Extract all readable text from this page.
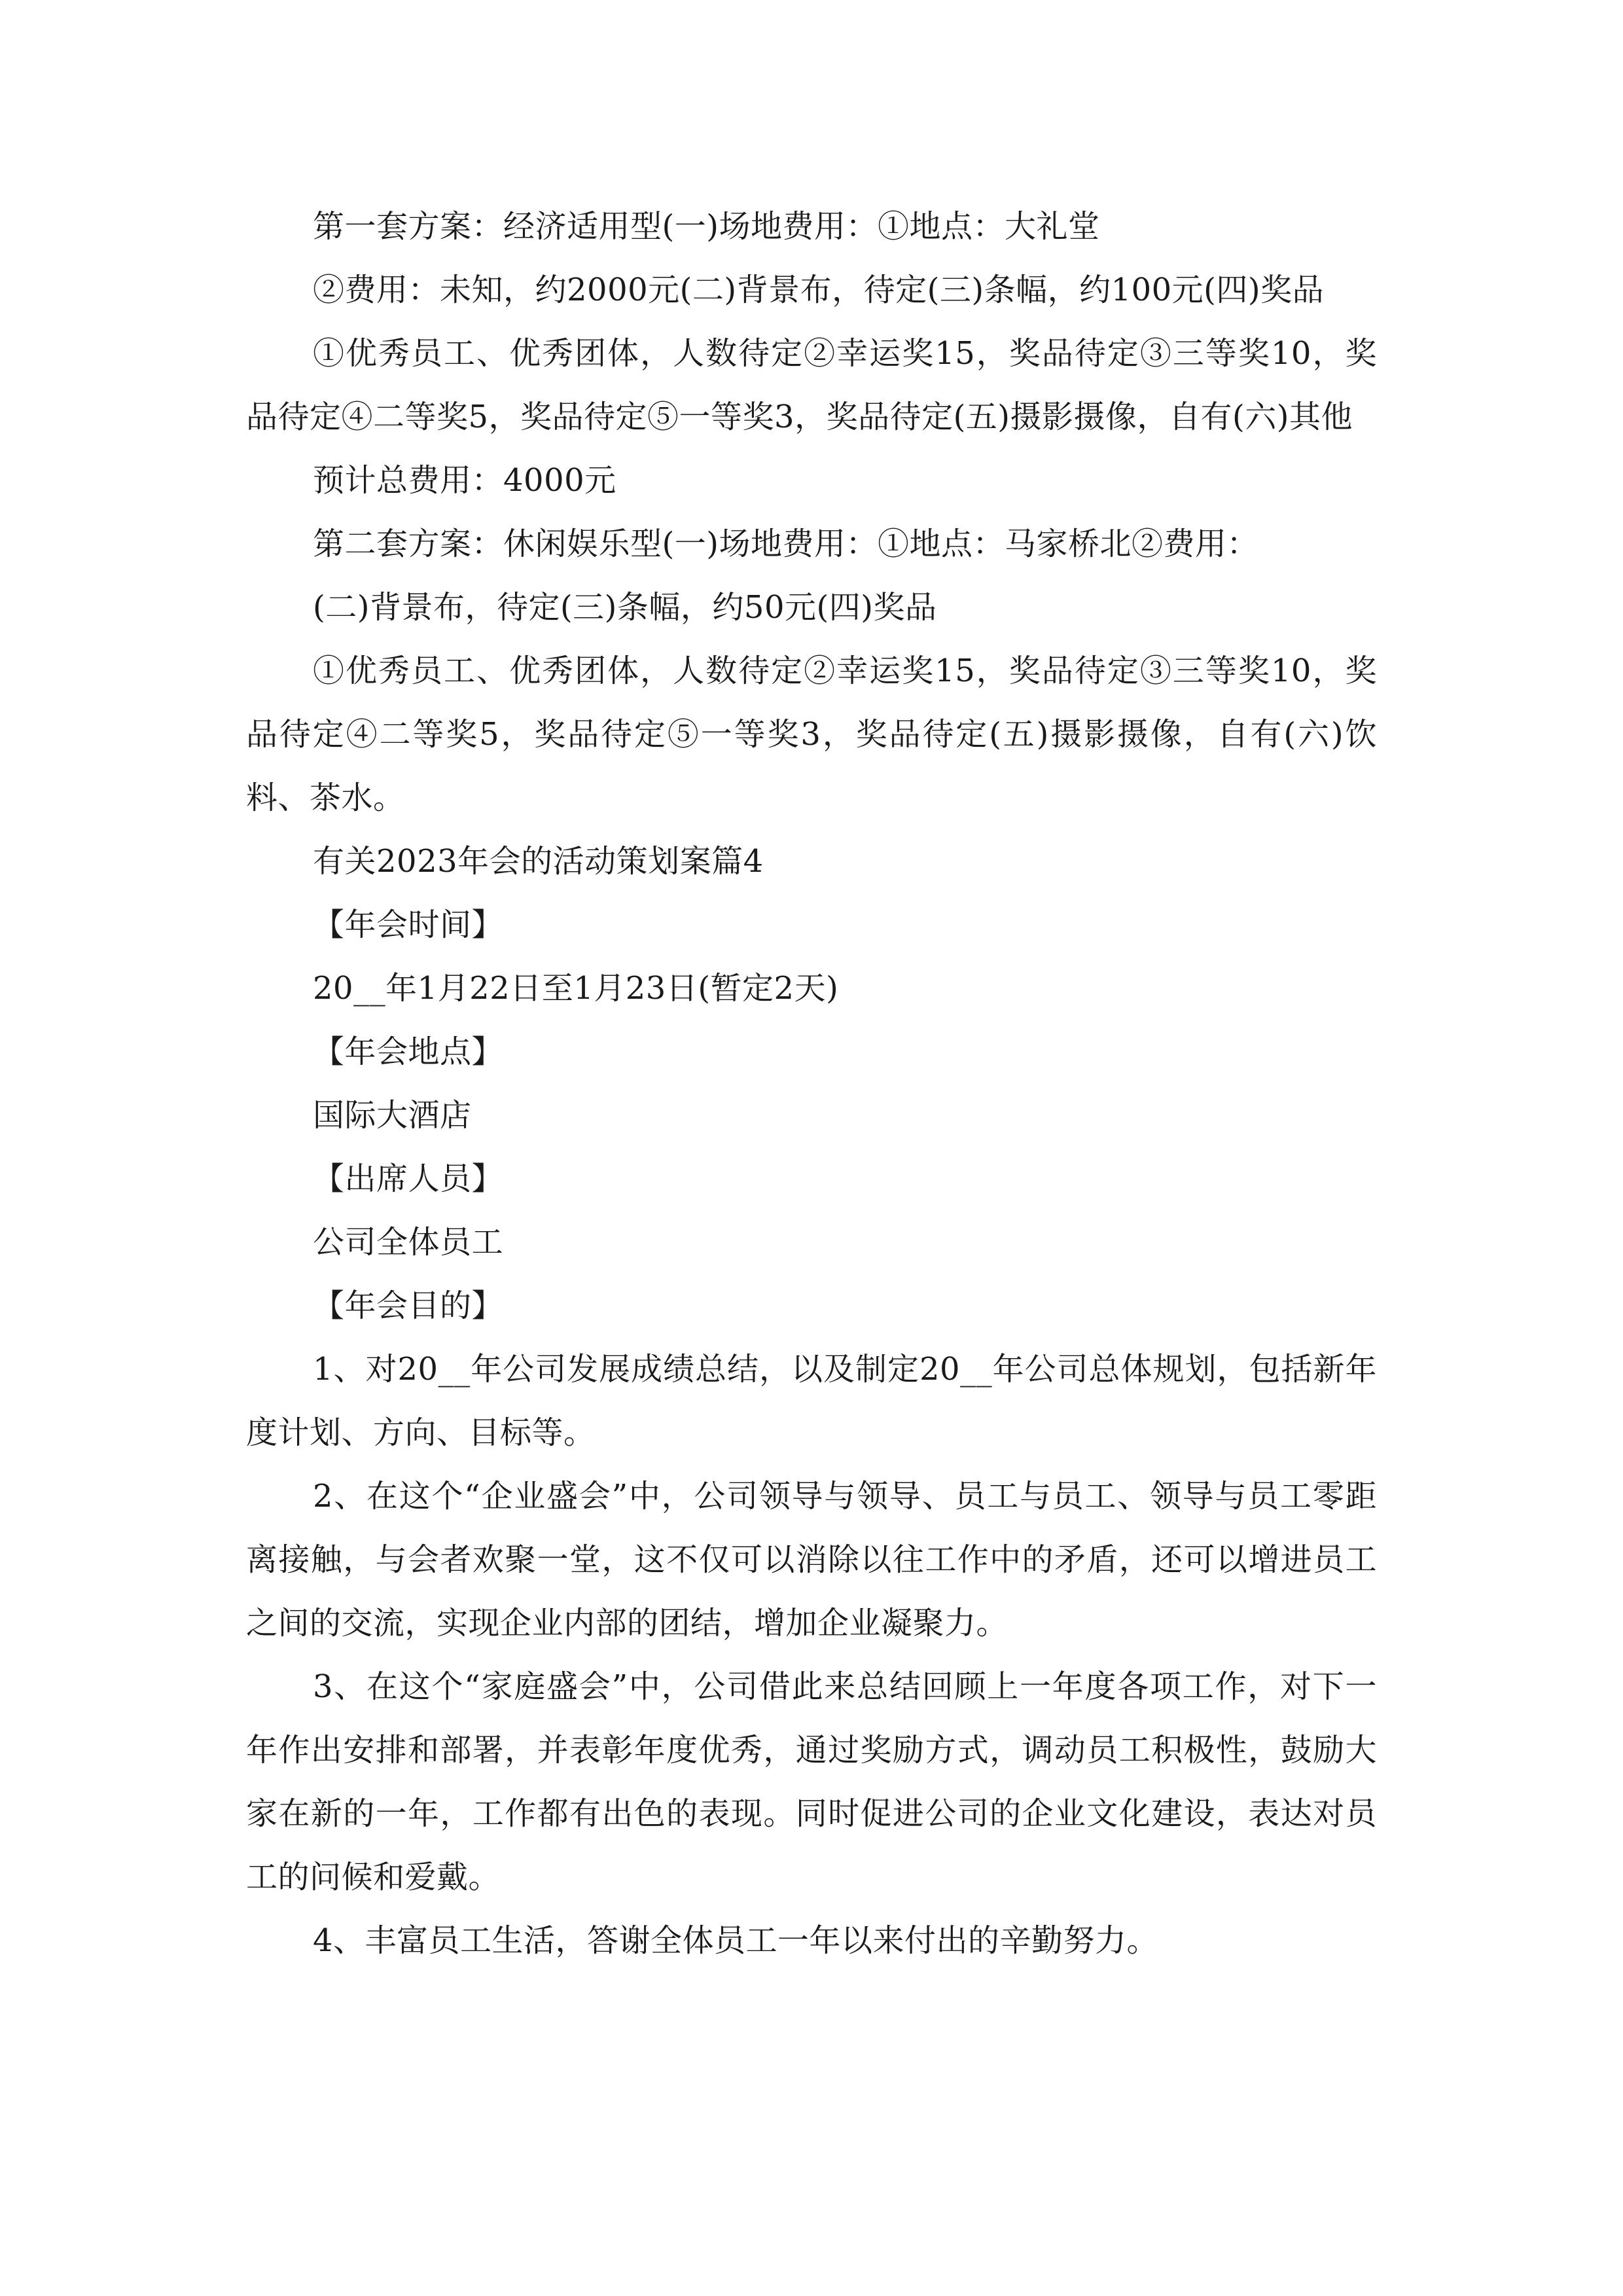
第一套方案：经济适用型(一)场地费用：①地点：大礼堂

②费用：未知，约2000元(二)背景布，待定(三)条幅，约100元(四)奖品

①优秀员工、优秀团体，人数待定②幸运奖15，奖品待定③三等奖10，奖品待定④二等奖5，奖品待定⑤一等奖3，奖品待定(五)摄影摄像，自有(六)其他

预计总费用：4000元

第二套方案：休闲娱乐型(一)场地费用：①地点：马家桥北②费用：

(二)背景布，待定(三)条幅，约50元(四)奖品

①优秀员工、优秀团体，人数待定②幸运奖15，奖品待定③三等奖10，奖品待定④二等奖5，奖品待定⑤一等奖3，奖品待定(五)摄影摄像，自有(六)饮料、茶水。

有关2023年会的活动策划案篇4

【年会时间】

20__年1月22日至1月23日(暂定2天)

【年会地点】

国际大酒店

【出席人员】

公司全体员工

【年会目的】

1、对20__年公司发展成绩总结，以及制定20__年公司总体规划，包括新年度计划、方向、目标等。

2、在这个“企业盛会”中，公司领导与领导、员工与员工、领导与员工零距离接触，与会者欢聚一堂，这不仅可以消除以往工作中的矛盾，还可以增进员工之间的交流，实现企业内部的团结，增加企业凝聚力。

3、在这个“家庭盛会”中，公司借此来总结回顾上一年度各项工作，对下一年作出安排和部署，并表彰年度优秀，通过奖励方式，调动员工积极性，鼓励大家在新的一年，工作都有出色的表现。同时促进公司的企业文化建设，表达对员工的问候和爱戴。

4、丰富员工生活，答谢全体员工一年以来付出的辛勤努力。
